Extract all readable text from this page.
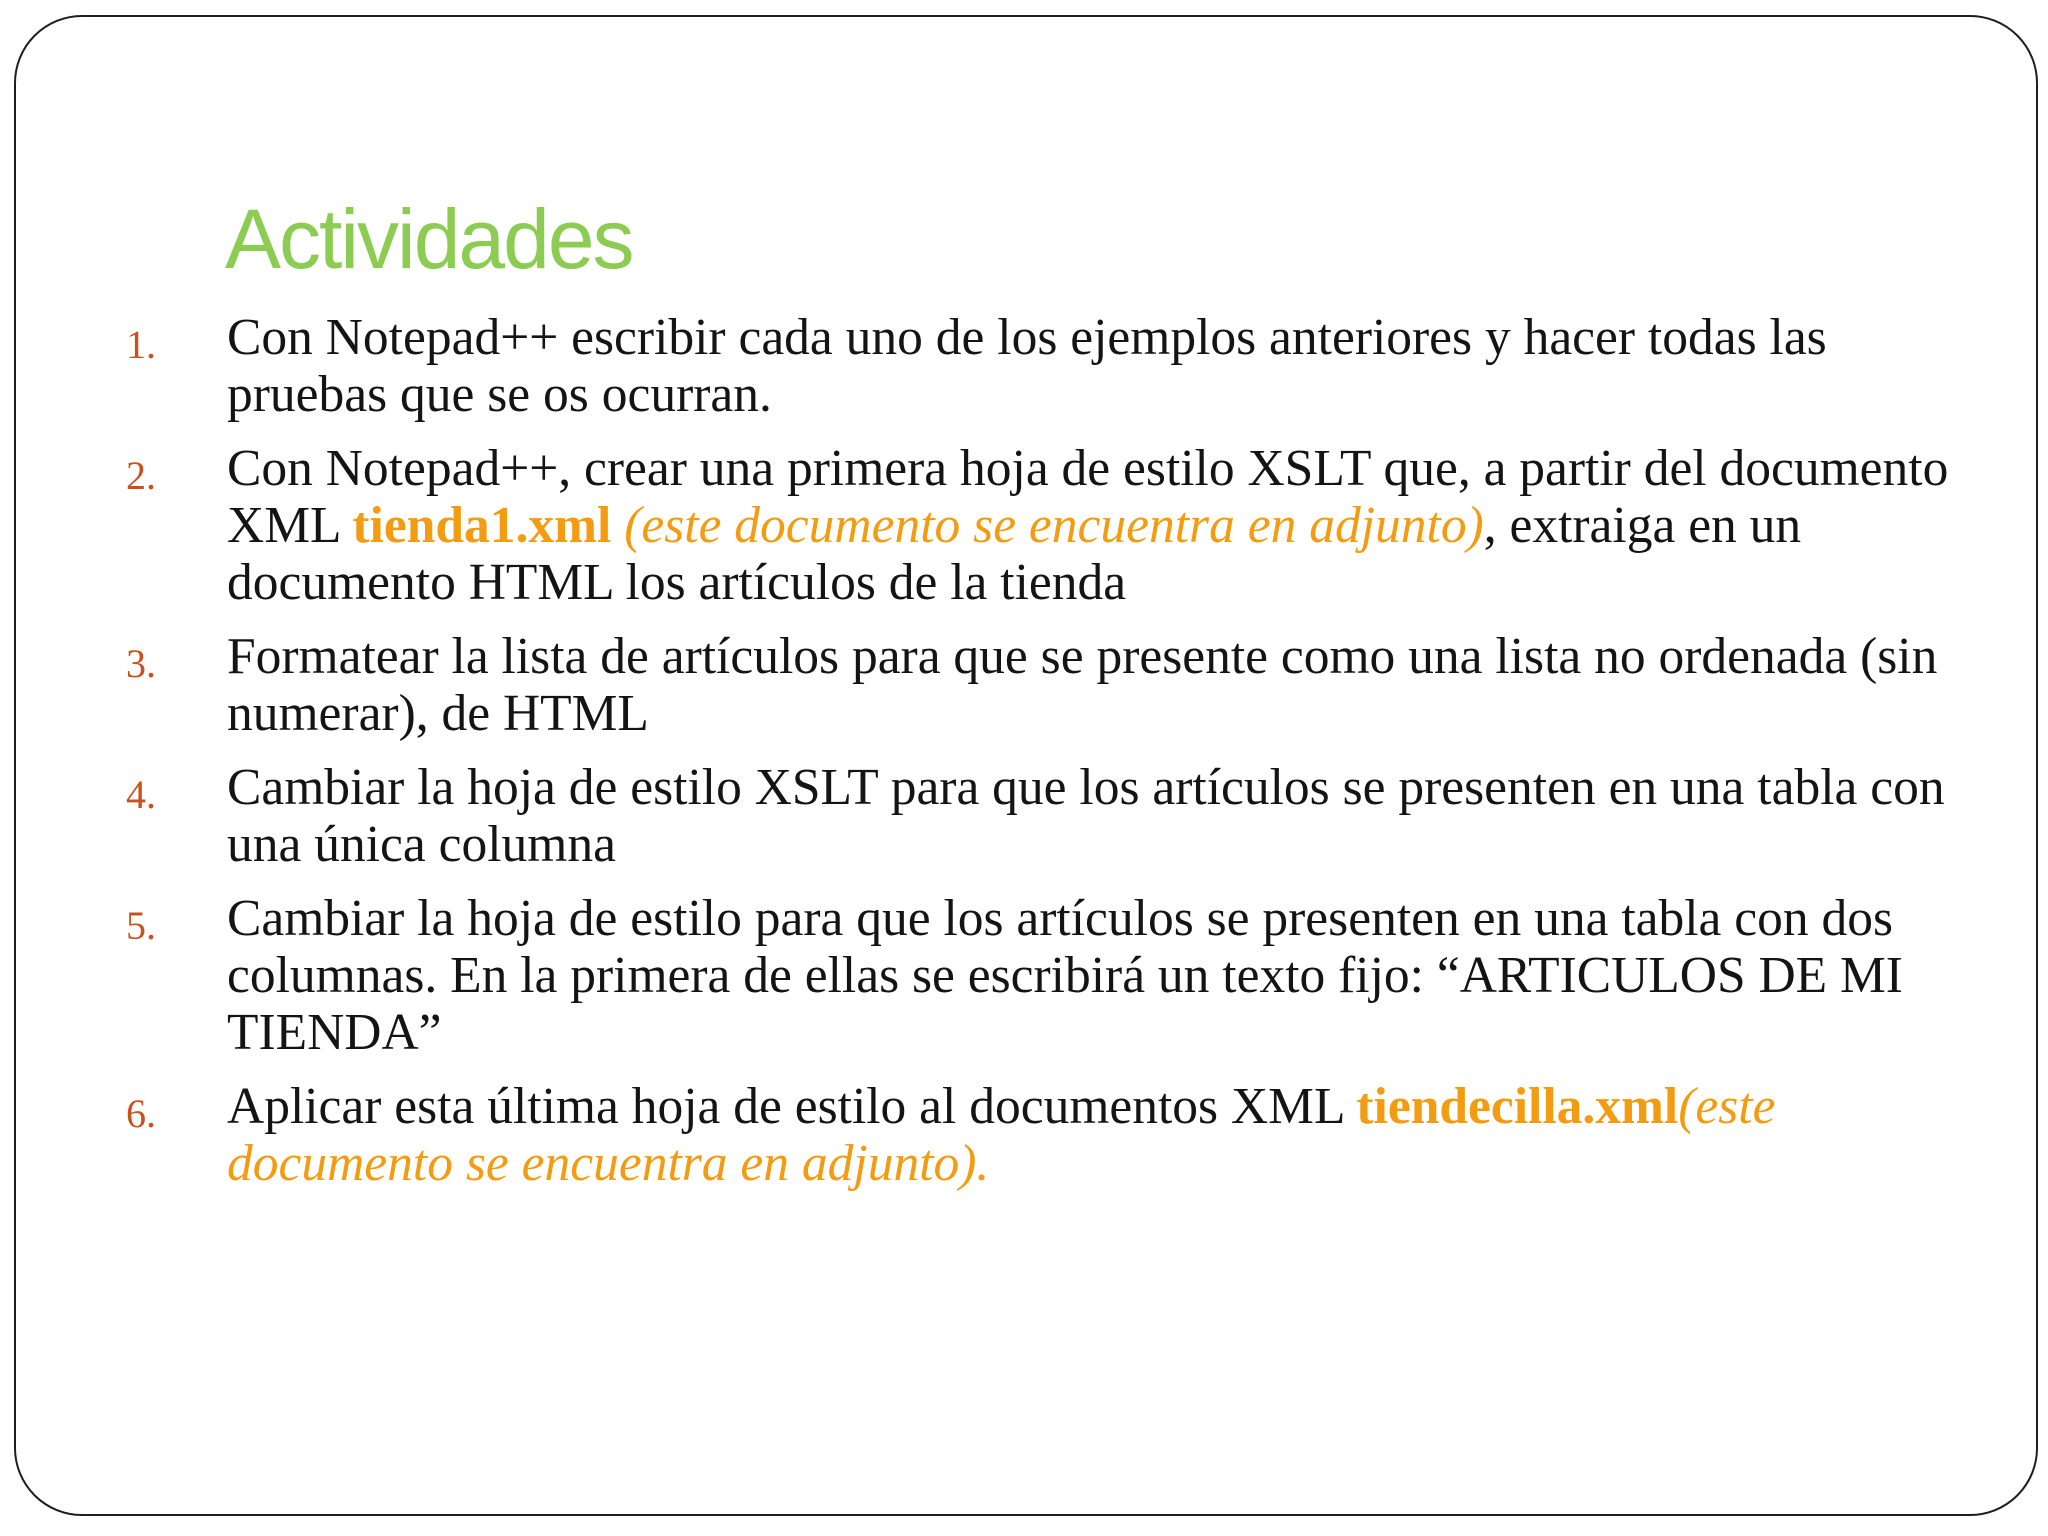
Actividades
1. Con Notepad++ escribir cada uno de los ejemplos anteriores y hacer todas las pruebas que se os ocurran.
2. Con Notepad++, crear una primera hoja de estilo XSLT que, a partir del documento XML tienda1.xml (este documento se encuentra en adjunto), extraiga en un documento HTML los artículos de la tienda
3. Formatear la lista de artículos para que se presente como una lista no ordenada (sin numerar), de HTML
4. Cambiar la hoja de estilo XSLT para que los artículos se presenten en una tabla con una única columna
5. Cambiar la hoja de estilo para que los artículos se presenten en una tabla con dos columnas. En la primera de ellas se escribirá un texto fijo: “ARTICULOS DE MI TIENDA”
6. Aplicar esta última hoja de estilo al documentos XML tiendecilla.xml(este documento se encuentra en adjunto).
